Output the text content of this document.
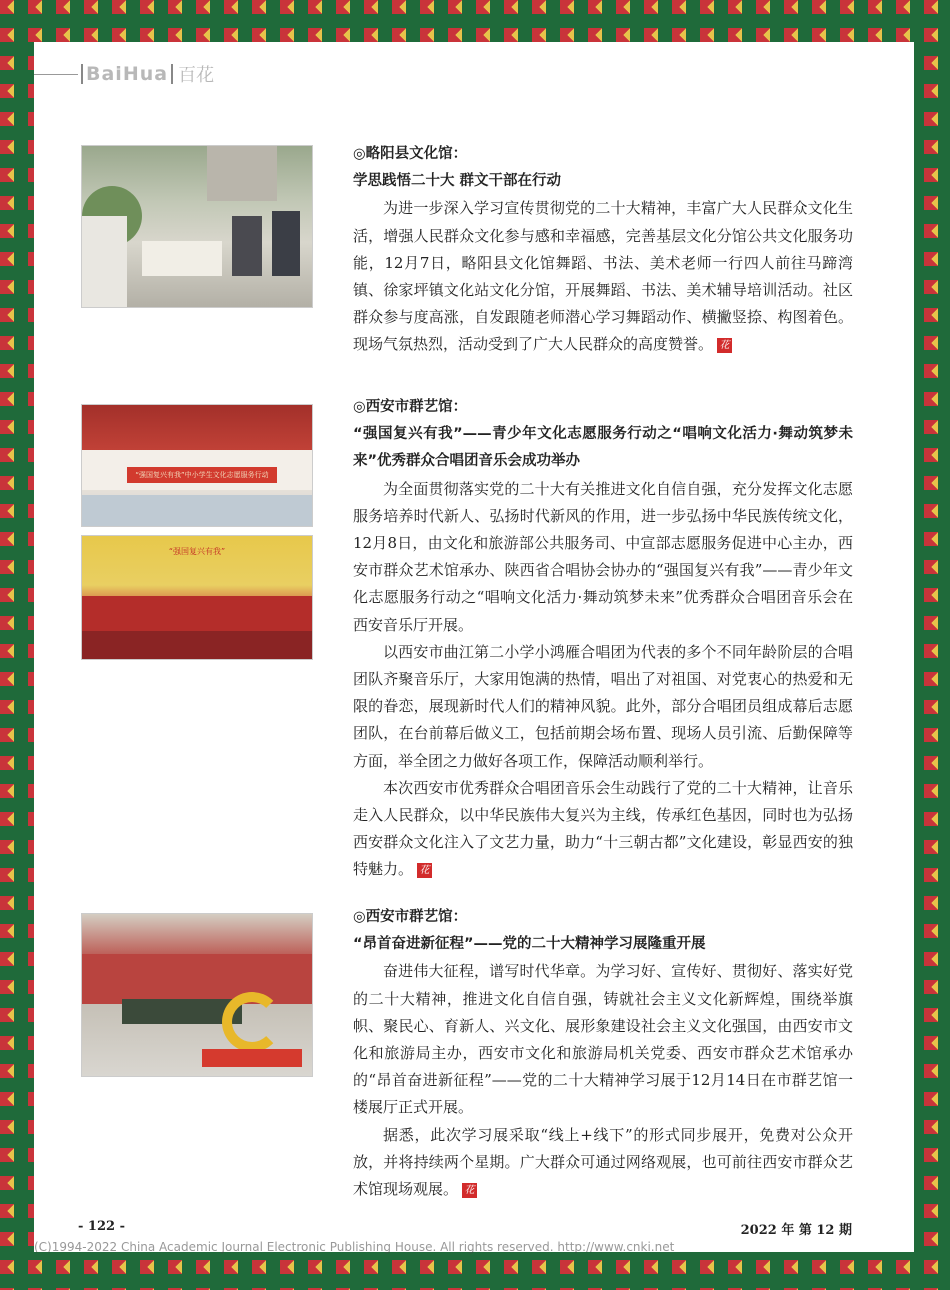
BaiHua 百花
“强国复兴有我”中小学生文化志愿服务行动
“强国复兴有我”
◎略阳县文化馆：
学思践悟二十大 群文干部在行动

为进一步深入学习宣传贯彻党的二十大精神，丰富广大人民群众文化生活，增强人民群众文化参与感和幸福感，完善基层文化分馆公共文化服务功能，12月7日，略阳县文化馆舞蹈、书法、美术老师一行四人前往马蹄湾镇、徐家坪镇文化站文化分馆，开展舞蹈、书法、美术辅导培训活动。社区群众参与度高涨，自发跟随老师潜心学习舞蹈动作、横撇竖捺、构图着色。现场气氛热烈，活动受到了广大人民群众的高度赞誉。 花

◎西安市群艺馆：
“强国复兴有我”——青少年文化志愿服务行动之“唱响文化活力·舞动筑梦未来”优秀群众合唱团音乐会成功举办

为全面贯彻落实党的二十大有关推进文化自信自强，充分发挥文化志愿服务培养时代新人、弘扬时代新风的作用，进一步弘扬中华民族传统文化，12月8日，由文化和旅游部公共服务司、中宣部志愿服务促进中心主办，西安市群众艺术馆承办、陕西省合唱协会协办的“强国复兴有我”——青少年文化志愿服务行动之“唱响文化活力·舞动筑梦未来”优秀群众合唱团音乐会在西安音乐厅开展。

以西安市曲江第二小学小鸿雁合唱团为代表的多个不同年龄阶层的合唱团队齐聚音乐厅，大家用饱满的热情，唱出了对祖国、对党衷心的热爱和无限的眷恋，展现新时代人们的精神风貌。此外，部分合唱团员组成幕后志愿团队，在台前幕后做义工，包括前期会场布置、现场人员引流、后勤保障等方面，举全团之力做好各项工作，保障活动顺利举行。

本次西安市优秀群众合唱团音乐会生动践行了党的二十大精神，让音乐走入人民群众，以中华民族伟大复兴为主线，传承红色基因，同时也为弘扬西安群众文化注入了文艺力量，助力“十三朝古都”文化建设，彰显西安的独特魅力。 花

◎西安市群艺馆：
“昂首奋进新征程”——党的二十大精神学习展隆重开展

奋进伟大征程，谱写时代华章。为学习好、宣传好、贯彻好、落实好党的二十大精神，推进文化自信自强，铸就社会主义文化新辉煌，围绕举旗帜、聚民心、育新人、兴文化、展形象建设社会主义文化强国，由西安市文化和旅游局主办，西安市文化和旅游局机关党委、西安市群众艺术馆承办的“昂首奋进新征程”——党的二十大精神学习展于12月14日在市群艺馆一楼展厅正式开展。

据悉，此次学习展采取“线上+线下”的形式同步展开，免费对公众开放，并将持续两个星期。广大群众可通过网络观展，也可前往西安市群众艺术馆现场观展。 花

- 122 -	2022 年 第 12 期
(C)1994-2022 China Academic Journal Electronic Publishing House. All rights reserved. http://www.cnki.net
